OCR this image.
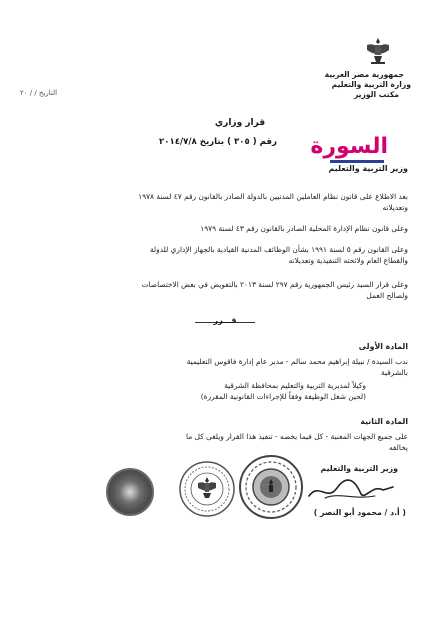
جمهورية مصر العربية
وزارة التربية والتعليم
مكتب الوزير
التاريخ / / ٢٠
قرار وزاري
رقم ( ٣٠٥ ) بتاريخ ٢٠١٤/٧/٨	السورة
وزير التربية والتعليم
بعد الاطلاع على قانون نظام العاملين المدنيين بالدولة الصادر بالقانون رقم ٤٧ لسنة ١٩٧٨
وتعديلاته
وعلى قانون نظام الإدارة المحلية الصادر بالقانون رقم ٤٣ لسنة ١٩٧٩
وعلى القانون رقم ٥ لسنة ١٩٩١ بشأن الوظائف المدنية القيادية بالجهاز الإداري للدولة
والقطاع العام ولائحته التنفيذية وتعديلاته
وعلى قرار السيد رئيس الجمهورية رقم ٢٩٧ لسنة ٢٠١٣ بالتفويض في بعض الاختصاصات
ولصالح العمل
قـــرر
المادة الأولى
ندب السيدة / نبيلة إبراهيم محمد سالم - مدير عام إدارة فاقوس التعليمية
بالشرقية
وكيلاً لمديرية التربية والتعليم بمحافظة الشرقية
(لحين شغل الوظيفة وفقاً للإجراءات القانونية المقررة)
المادة الثانية
على جميع الجهات المعنية - كل فيما يخصه - تنفيذ هذا القرار ويلغى كل ما
يخالفه
وزير التربية والتعليم
( أ.د / محمود أبو النصر )
